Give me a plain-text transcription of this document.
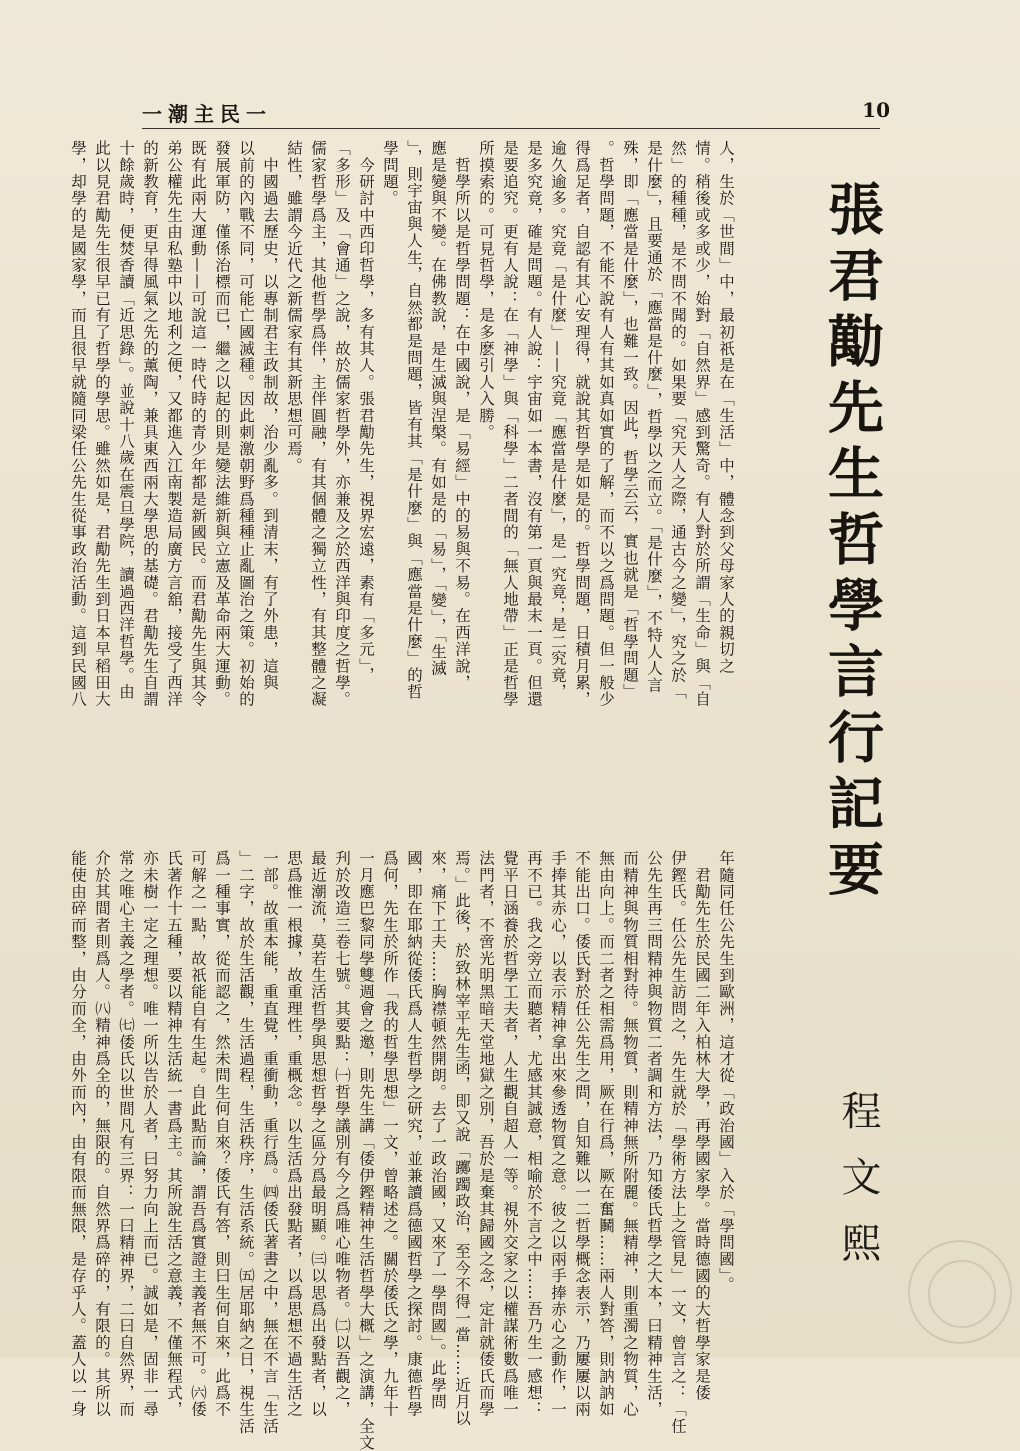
一潮主民一	10
人，生於「世間」中，最初祇是在「生活」中，體念到父母家人的親切之
情。稍後或多或少，始對「自然界」感到驚奇。有人對於所謂「生命」與「自
然」的種種，是不問不聞的。如果要「究天人之際，通古今之變」，究之於「
是什麼」，且要通於「應當是什麼」，哲學以之而立。「是什麼」，不特人人言
殊，即「應當是什麼」，也難一致。因此，哲學云云，實也就是「哲學問題」
。哲學問題，不能不說有人有其如真如實的了解，而不以之爲問題。但一般少
得爲足者，自認有其心安理得，就說其哲學是如是的。哲學問題，日積月累，
逾久逾多。究竟「是什麼」——究竟「應當是什麼」，是一究竟；是二究竟，
是多究竟，確是問題。有人說：宇宙如一本書，沒有第一頁與最末一頁。但還
是要追究。更有人說：在「神學」與「科學」二者間的「無人地帶」正是哲學
所摸索的。可見哲學，是多麽引人入勝。
　哲學所以是哲學問題：在中國說，是「易經」中的易與不易。在西洋說，
應是變與不變。在佛教說，是生滅與涅槃。有如是的「易」，「變」，「生滅
」，則宇宙與人生，自然都是問題，皆有其「是什麼」與「應當是什麼」的哲
學問題。
　今研討中西印哲學，多有其人。張君勱先生，視界宏遠，素有「多元」，
「多形」及「會通」之說，故於儒家哲學外，亦兼及之於西洋與印度之哲學。
儒家哲學爲主，其他哲學爲伴，主伴圓融，有其個體之獨立性，有其整體之凝
結性，雖謂今近代之新儒家有其新思想可焉。
　中國過去歷史，以專制君主政制故，治少亂多。到清末，有了外患，這與
以前的內戰不同，可能亡國滅種。因此刺激朝野爲種種止亂圖治之策。初始的
發展軍防，僅係治標而已，繼之以起的則是變法維新與立憲及革命兩大運動。
既有此兩大運動——可說這一時代時的青少年都是新國民。而君勱先生與其令
弟公權先生由私塾中以地利之便，又都進入江南製造局廣方言舘，接受了西洋
的新教育，更早得風氣之先的薰陶，兼具東西兩大學思的基礎。君勱先生自謂
十餘歲時，便焚香讀「近思錄」。並說十八歲在震旦學院，讀過西洋哲學。由
此以見君勱先生很早已有了哲學的學思。雖然如是，君勱先生到日本早稻田大
學，却學的是國家學，而且很早就隨同梁任公先生從事政治活動。這到民國八
年隨同任公先生到歐洲，這才從「政治國」入於「學問國」。
　君勱先生於民國二年入柏林大學，再學國家學。當時德國的大哲學家是倭
伊鏗氏。任公先生訪問之，先生就於「學術方法上之管見」一文，曾言之：「任
公先生再三問精神與物質二者調和方法，乃知倭氏哲學之大本，曰精神生活，
而精神與物質相對待。無物質，則精神無所附麗。無精神，則重濁之物質，心
無由向上。而二者之相需爲用，厥在行爲，厥在奮鬭……兩人對答，則訥訥如
不能出口。倭氏對於任公先生之問，自知難以一二哲學概念表示，乃屢屢以兩
手捧其赤心，以表示精神拿出來參透物質之意。彼之以兩手捧赤心之動作，一
再不已。我之旁立而聽者，尤感其誠意，相喻於不言之中……吾乃生一感想：
覺平日涵養於哲學工夫者，人生觀自超人一等。視外交家之以權謀術數爲唯一
法門者，不啻光明黑暗天堂地獄之別，吾於是棄其歸國之念，定計就倭氏而學
焉。」此後，於致林宰平先生函，即又說「躑躅政治，至今不得一當……近月以
來，痛下工夫……胸襟頓然開朗。去了一政治國，又來了一學問國」。此學問
國，即在耶納從倭氏爲人生哲學之研究，並兼讀爲德國哲學之探討。康德哲學
爲何，先生於所作「我的哲學思想」一文，曾略述之。關於倭氏之學，九年十
一月應巴黎同學雙週會之邀，則先生講「倭伊鏗精神生活哲學大概」之演講，全文
刋於改造三卷七號。其要點：㈠哲學議別有今之爲唯心唯物者。㈡以吾觀之，
最近潮流，莫若生活哲學與思想哲學之區分爲最明顯。㈢以思爲出發點者，以
思爲惟一根據，故重理性，重概念。以生活爲出發點者，以爲思想不過生活之
一部。故重本能，重直覺，重衝動，重行爲。㈣倭氏著書之中，無在不言「生活
」二字，故於生活觀，生活過程，生活秩序，生活系統。㈤居耶納之日，視生活
爲一種事實，從而認之，然未問生何自來？倭氏有答，則曰生何自來，此爲不
可解之一點，故祇能自有生起。自此點而論，謂吾爲實證主義者無不可。㈥倭
氏著作十五種，要以精神生活統一書爲主。其所說生活之意義，不僅無程式，
亦未樹一定之理想。唯一所以告於人者，曰努力向上而已。誠如是，固非一尋
常之唯心主義之學者。㈦倭氏以世間凡有三界：一曰精神界，二曰自然界，而
介於其間者則爲人。㈧精神爲全的，無限的。自然界爲碎的，有限的。其所以
能使由碎而整，由分而全，由外而內，由有限而無限，是存乎人。蓋人以一身
張君勱先生哲學言行記要
程文熙
